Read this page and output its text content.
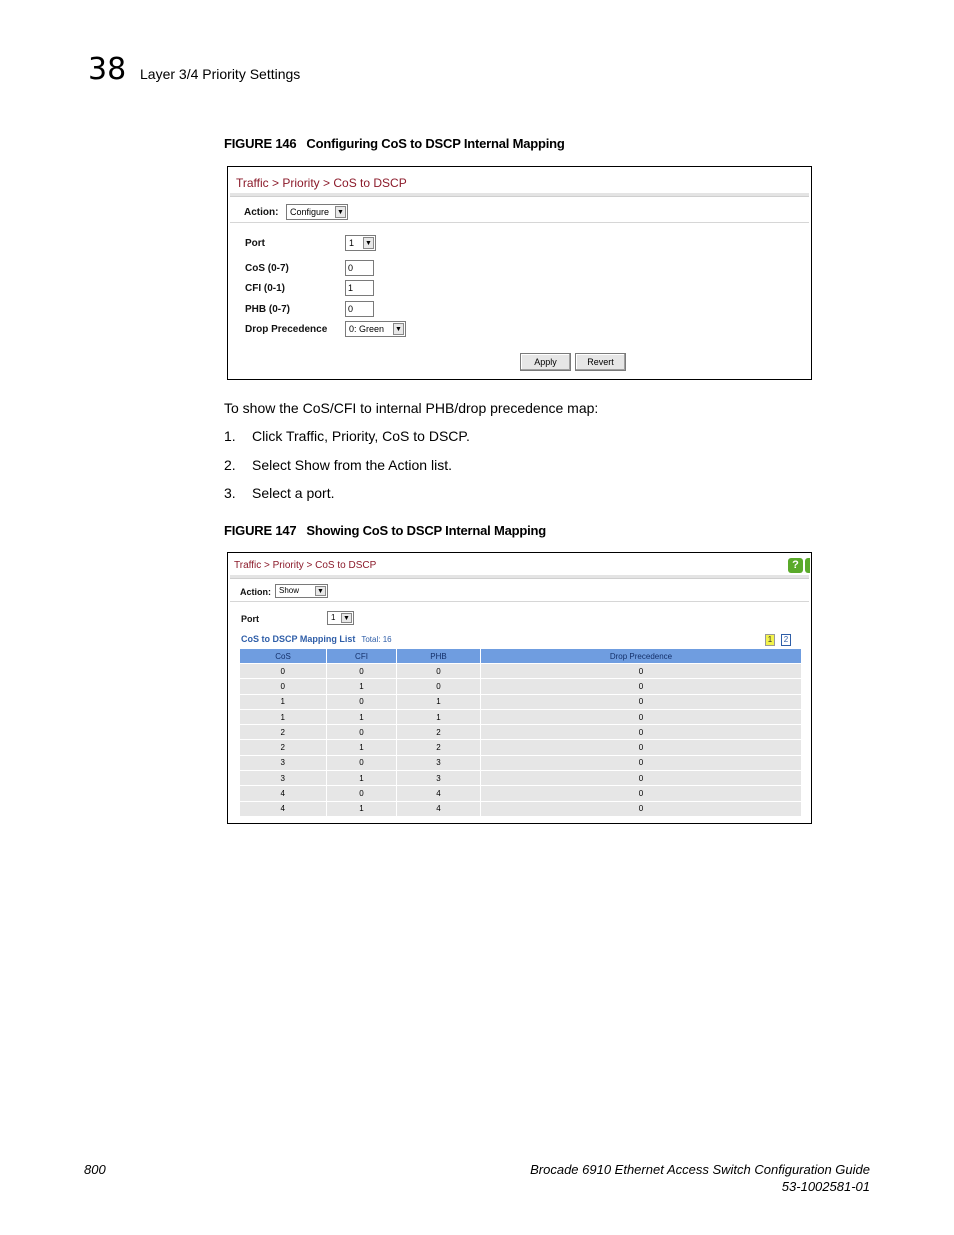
38 Layer 3/4 Priority Settings
FIGURE 146 Configuring CoS to DSCP Internal Mapping
Traffic > Priority > CoS to DSCP
Action:	Configure ▼
Port	1 ▼
CoS (0-7)	0
CFI (0-1)	1
PHB (0-7)	0
Drop Precedence	0: Green ▼
Apply	Revert
To show the CoS/CFI to internal PHB/drop precedence map:
1. Click Traffic, Priority, CoS to DSCP.
2. Select Show from the Action list.
3. Select a port.
FIGURE 147 Showing CoS to DSCP Internal Mapping
Traffic > Priority > CoS to DSCP	?
Action:	Show	▼
Port	1 ▼
CoS to DSCP Mapping List Total: 16	1	2
CoS	CFI	PHB	Drop Precedence
0	0	0	0
0	1	0	0
1	0	1	0
1	1	1	0
2	0	2	0
2	1	2	0
3	0	3	0
3	1	3	0
4	0	4	0
4	1	4	0
800	Brocade 6910 Ethernet Access Switch Configuration Guide
53-1002581-01
